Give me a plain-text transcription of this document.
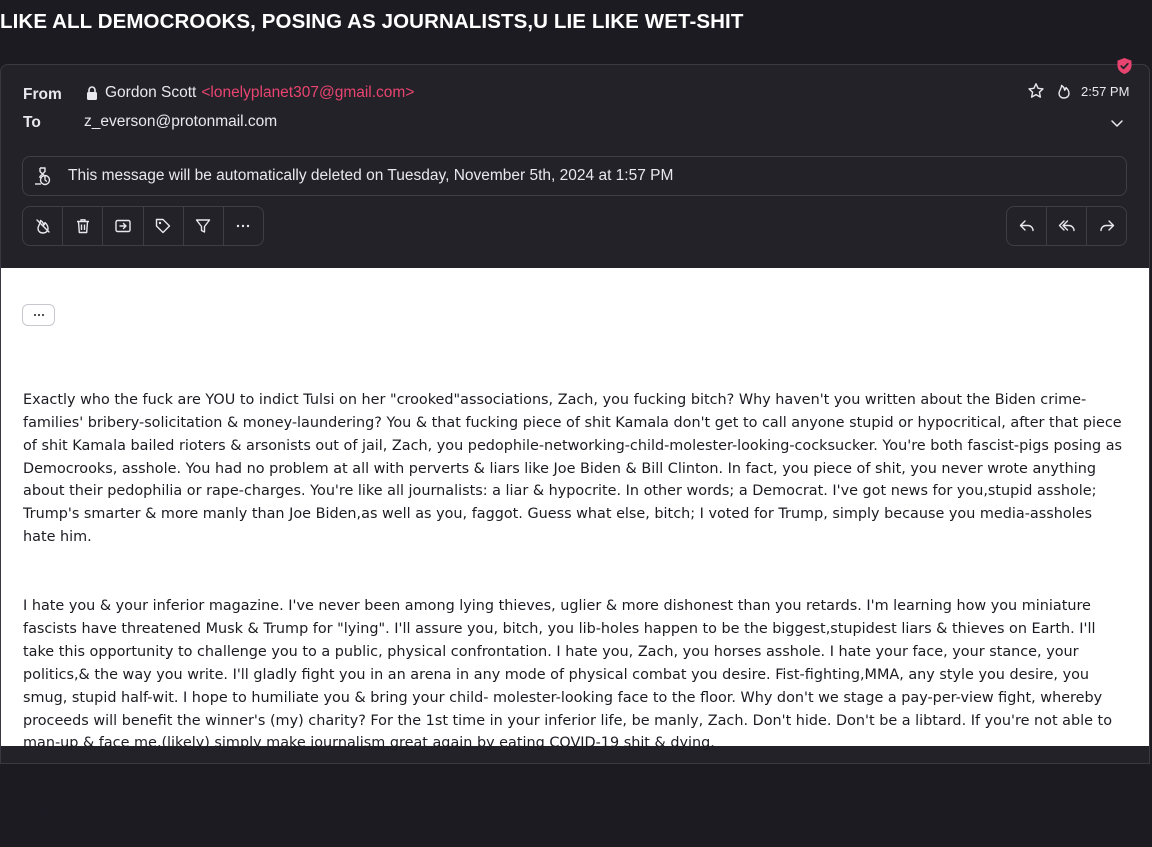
LIKE ALL DEMOCROOKS, POSING AS JOURNALISTS,U LIE LIKE WET-SHIT
From
To
Gordon Scott <lonelyplanet307@gmail.com>
z_everson@protonmail.com
2:57 PM
This message will be automatically deleted on Tuesday, November 5th, 2024 at 1:57 PM

Exactly who the fuck are YOU to indict Tulsi on her "crooked"associations, Zach, you fucking bitch? Why haven't you written about the Biden crime-families' bribery-solicitation & money-laundering? You & that fucking piece of shit Kamala don't get to call anyone stupid or hypocritical, after that piece of shit Kamala bailed rioters & arsonists out of jail, Zach, you pedophile-networking-child-molester-looking-cocksucker. You're both fascist-pigs posing as Democrooks, asshole. You had no problem at all with perverts & liars like Joe Biden & Bill Clinton. In fact, you piece of shit, you never wrote anything about their pedophilia or rape-charges. You're like all journalists: a liar & hypocrite. In other words; a Democrat. I've got news for you,stupid asshole; Trump's smarter & more manly than Joe Biden,as well as you, faggot. Guess what else, bitch; I voted for Trump, simply because you media-assholes hate him.

I hate you & your inferior magazine. I've never been among lying thieves, uglier & more dishonest than you retards. I'm learning how you miniature fascists have threatened Musk & Trump for "lying". I'll assure you, bitch, you lib-holes happen to be the biggest,stupidest liars & thieves on Earth. I'll take this opportunity to challenge you to a public, physical confrontation. I hate you, Zach, you horses asshole. I hate your face, your stance, your politics,& the way you write. I'll gladly fight you in an arena in any mode of physical combat you desire. Fist-fighting,MMA, any style you desire, you smug, stupid half-wit. I hope to humiliate you & bring your child- molester-looking face to the floor. Why don't we stage a pay-per-view fight, whereby proceeds will benefit the winner's (my) charity? For the 1st time in your inferior life, be manly, Zach. Don't hide. Don't be a libtard. If you're not able to man-up & face me,(likely) simply make journalism great again by eating COVID-19 shit & dying.

Worst, Greg Ackers
